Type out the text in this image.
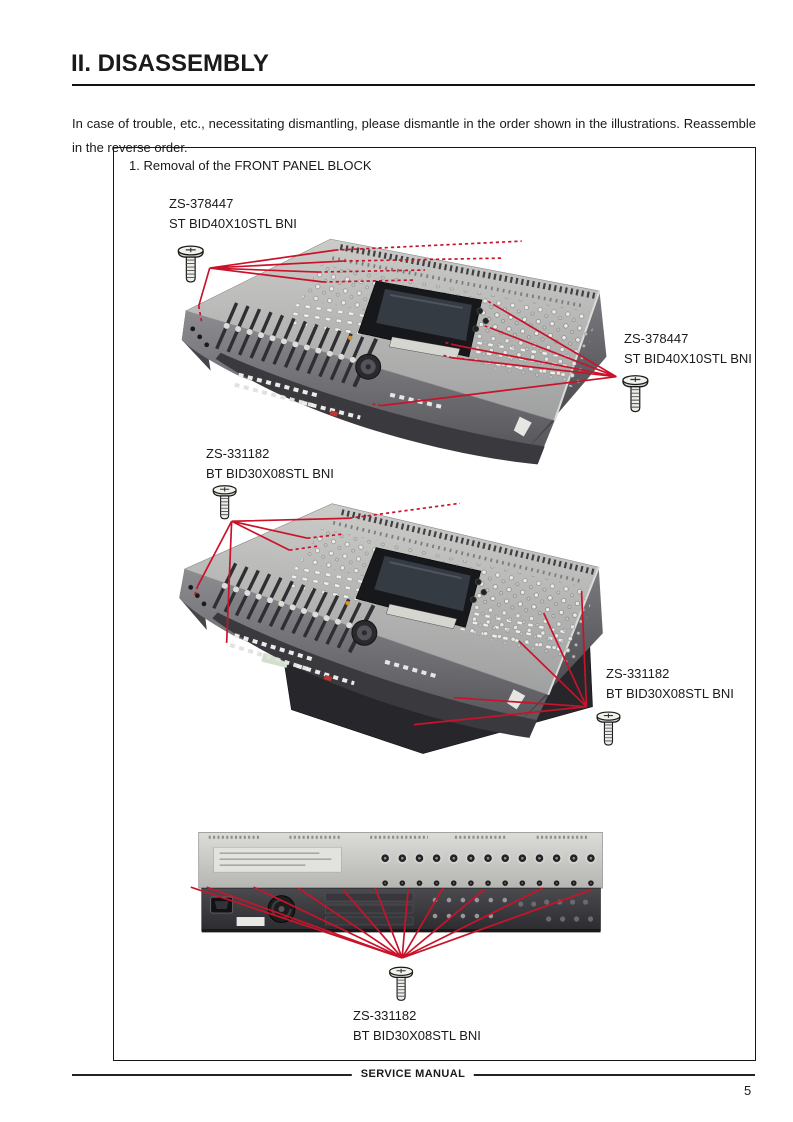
II. DISASSEMBLY

In case of trouble, etc., necessitating dismantling, please dismantle in the order shown in the illustrations. Reassemble in the reverse order.

1. Removal of the FRONT PANEL BLOCK
ZS-378447
ST BID40X10STL BNI
ZS-378447
ST BID40X10STL BNI
ZS-331182
BT BID30X08STL BNI
ZS-331182
BT BID30X08STL BNI
ZS-331182
BT BID30X08STL BNI
SERVICE MANUAL
5
